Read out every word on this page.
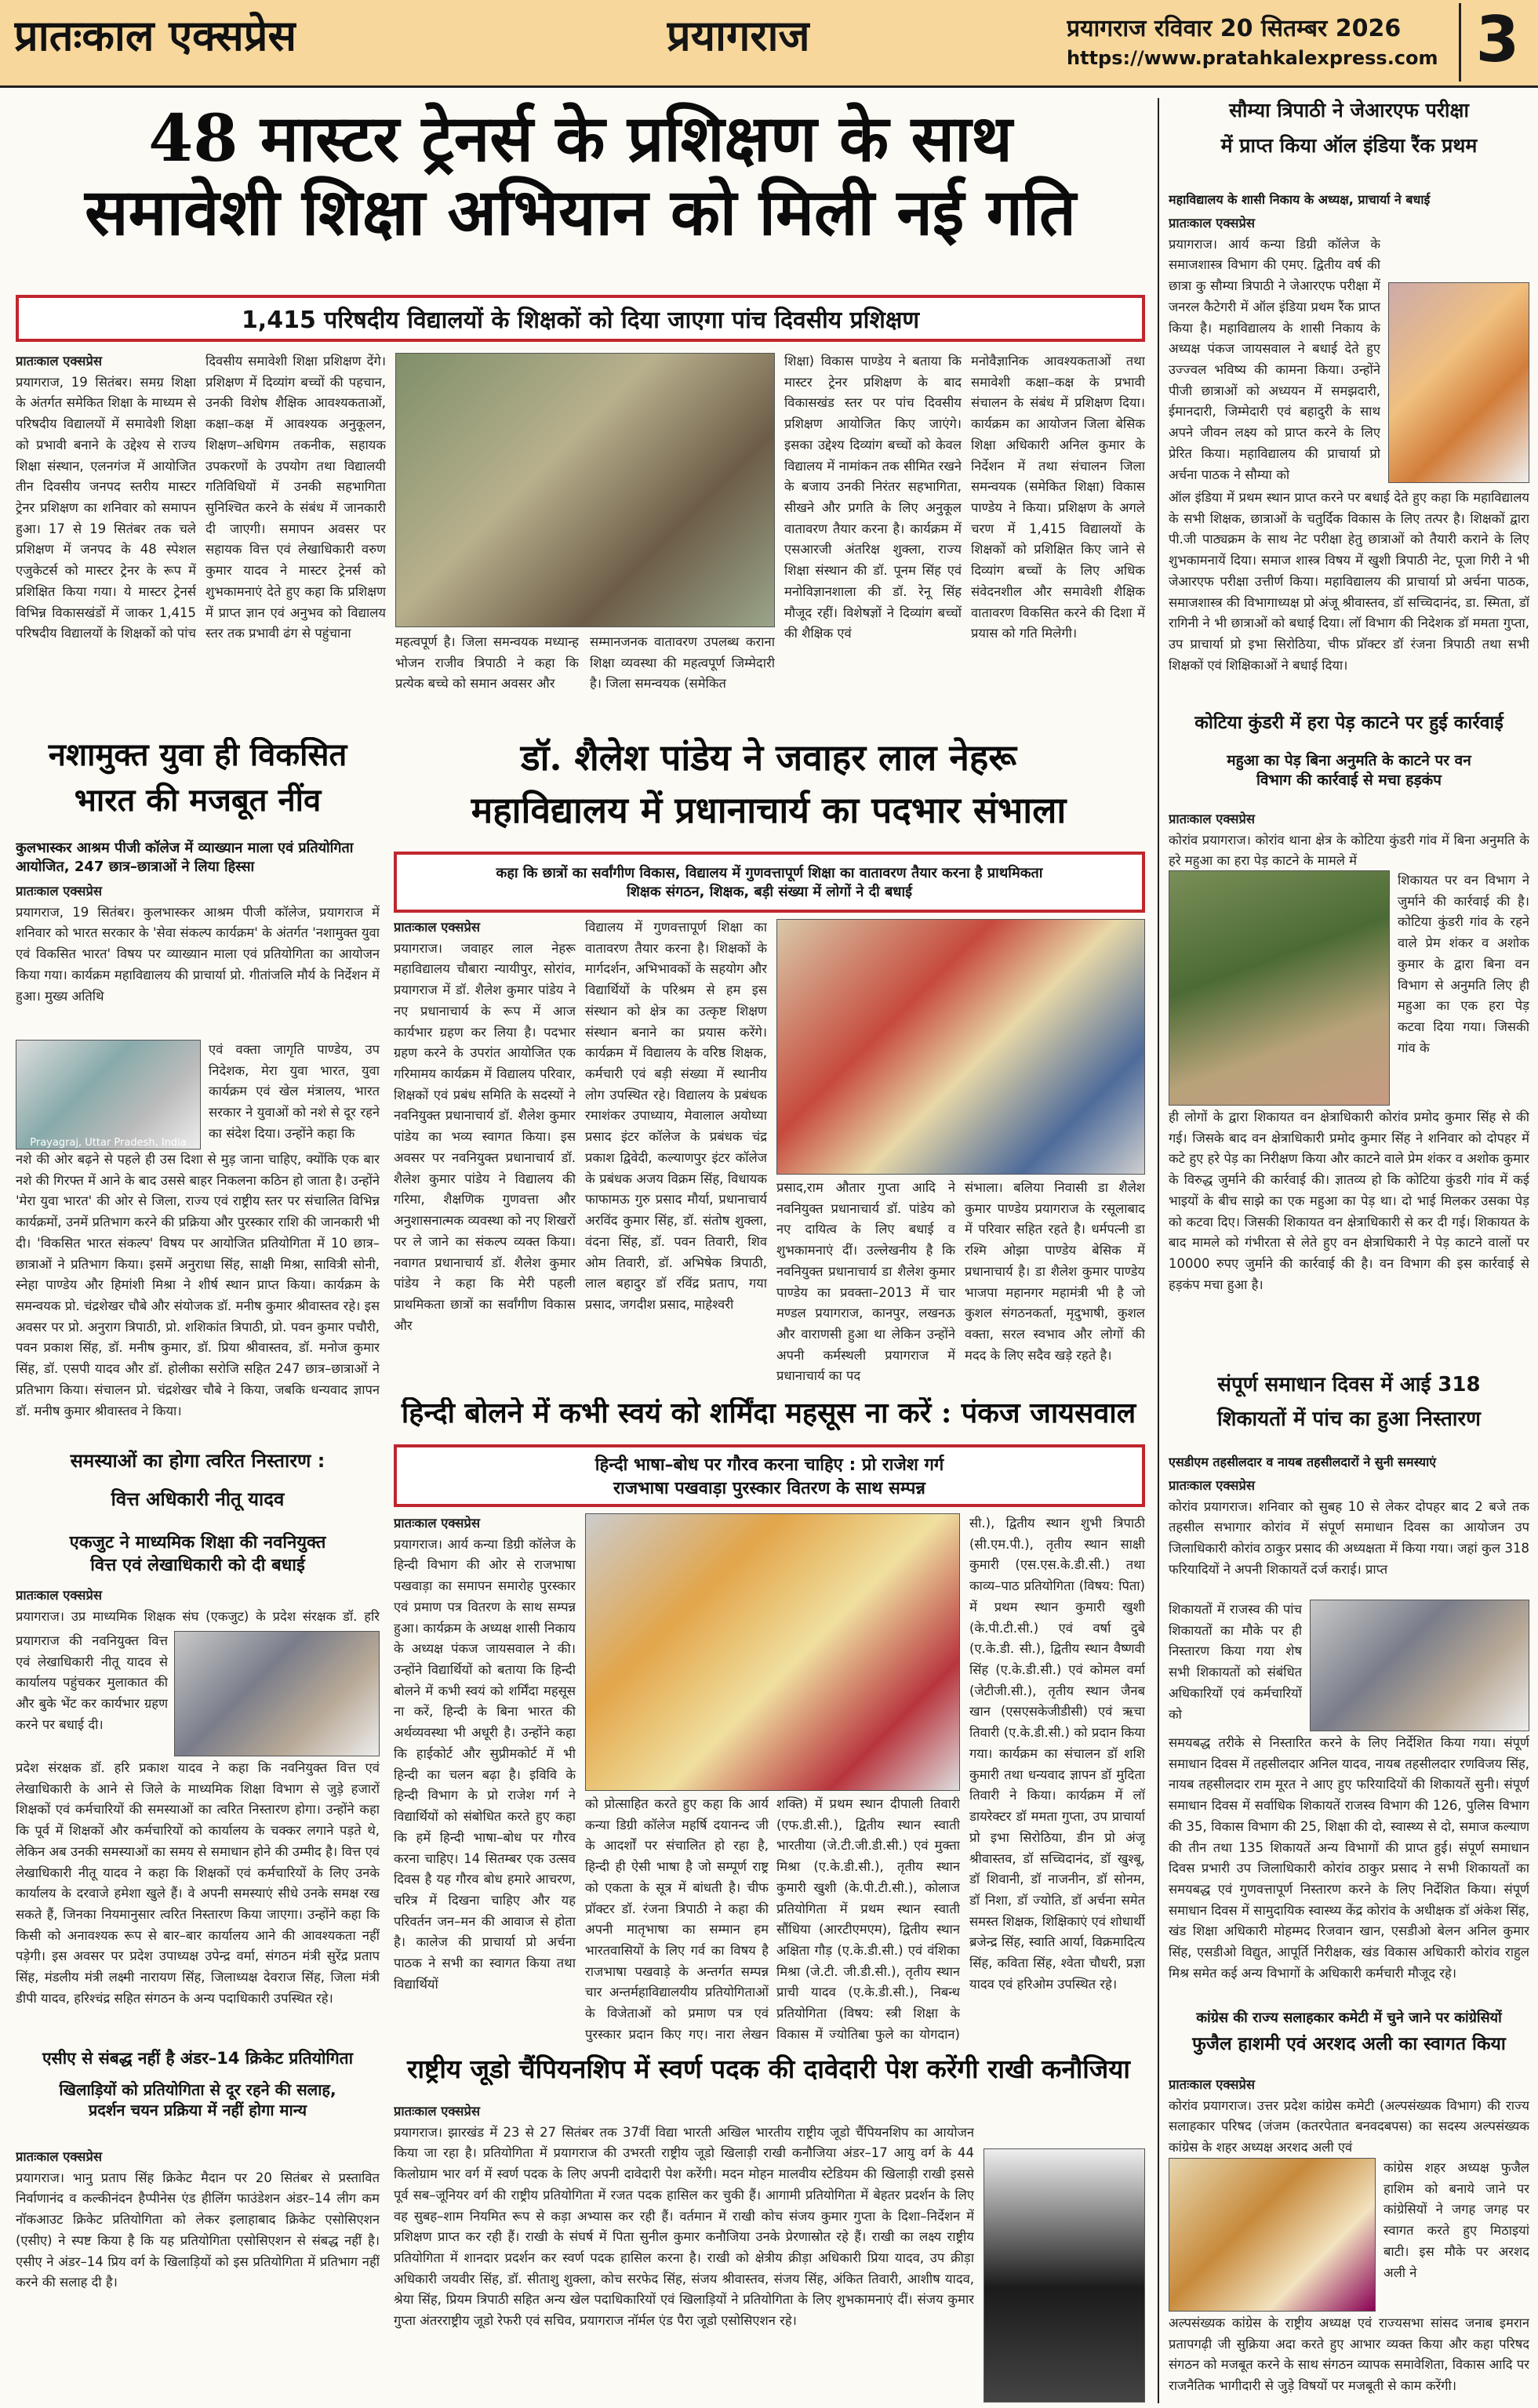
प्रातःकाल एक्सप्रेस	प्रयागराज	प्रयागराज रविवार 20 सितम्बर 2026
https://www.pratahkalexpress.com 3
48 मास्टर ट्रेनर्स के प्रशिक्षण के साथ
समावेशी शिक्षा अभियान को मिली नई गति
1,415 परिषदीय विद्यालयों के शिक्षकों को दिया जाएगा पांच दिवसीय प्रशिक्षण
प्रातःकाल एक्सप्रेस
प्रयागराज, 19 सितंबर। समग्र शिक्षा के अंतर्गत समेकित शिक्षा के माध्यम से परिषदीय विद्यालयों में समावेशी शिक्षा को प्रभावी बनाने के उद्देश्य से राज्य शिक्षा संस्थान, एलनगंज में आयोजित तीन दिवसीय जनपद स्तरीय मास्टर ट्रेनर प्रशिक्षण का शनिवार को समापन हुआ। 17 से 19 सितंबर तक चले प्रशिक्षण में जनपद के 48 स्पेशल एजुकेटर्स को मास्टर ट्रेनर के रूप में प्रशिक्षित किया गया। ये मास्टर ट्रेनर्स विभिन्न विकासखंडों में जाकर 1,415 परिषदीय विद्यालयों के शिक्षकों को पांच
दिवसीय समावेशी शिक्षा प्रशिक्षण देंगे। प्रशिक्षण में दिव्यांग बच्चों की पहचान, उनकी विशेष शैक्षिक आवश्यकताओं, कक्षा–कक्ष में आवश्यक अनुकूलन, शिक्षण–अधिगम तकनीक, सहायक उपकरणों के उपयोग तथा विद्यालयी गतिविधियों में उनकी सहभागिता सुनिश्चित करने के संबंध में जानकारी दी जाएगी। समापन अवसर पर सहायक वित्त एवं लेखाधिकारी वरुण कुमार यादव ने मास्टर ट्रेनर्स को शुभकामनाएं देते हुए कहा कि प्रशिक्षण में प्राप्त ज्ञान एवं अनुभव को विद्यालय स्तर तक प्रभावी ढंग से पहुंचाना
महत्वपूर्ण है। जिला समन्वयक मध्यान्ह भोजन राजीव त्रिपाठी ने कहा कि प्रत्येक बच्चे को समान अवसर और
सम्मानजनक वातावरण उपलब्ध कराना शिक्षा व्यवस्था की महत्वपूर्ण जिम्मेदारी है। जिला समन्वयक (समेकित
शिक्षा) विकास पाण्डेय ने बताया कि मास्टर ट्रेनर प्रशिक्षण के बाद विकासखंड स्तर पर पांच दिवसीय प्रशिक्षण आयोजित किए जाएंगे। इसका उद्देश्य दिव्यांग बच्चों को केवल विद्यालय में नामांकन तक सीमित रखने के बजाय उनकी निरंतर सहभागिता, सीखने और प्रगति के लिए अनुकूल वातावरण तैयार करना है। कार्यक्रम में एसआरजी अंतरिक्ष शुक्ला, राज्य शिक्षा संस्थान की डॉ. पूनम सिंह एवं मनोविज्ञानशाला की डॉ. रेनू सिंह मौजूद रहीं। विशेषज्ञों ने दिव्यांग बच्चों की शैक्षिक एवं
मनोवैज्ञानिक आवश्यकताओं तथा समावेशी कक्षा–कक्ष के प्रभावी संचालन के संबंध में प्रशिक्षण दिया। कार्यक्रम का आयोजन जिला बेसिक शिक्षा अधिकारी अनिल कुमार के निर्देशन में तथा संचालन जिला समन्वयक (समेकित शिक्षा) विकास पाण्डेय ने किया। प्रशिक्षण के अगले चरण में 1,415 विद्यालयों के शिक्षकों को प्रशिक्षित किए जाने से दिव्यांग बच्चों के लिए अधिक संवेदनशील और समावेशी शैक्षिक वातावरण विकसित करने की दिशा में प्रयास को गति मिलेगी।
नशामुक्त युवा ही विकसित
भारत की मजबूत नींव
कुलभास्कर आश्रम पीजी कॉलेज में व्याख्यान माला एवं प्रतियोगिता आयोजित, 247 छात्र–छात्राओं ने लिया हिस्सा
प्रातःकाल एक्सप्रेस
प्रयागराज, 19 सितंबर। कुलभास्कर आश्रम पीजी कॉलेज, प्रयागराज में शनिवार को भारत सरकार के 'सेवा संकल्प कार्यक्रम' के अंतर्गत 'नशामुक्त युवा एवं विकसित भारत' विषय पर व्याख्यान माला एवं प्रतियोगिता का आयोजन किया गया। कार्यक्रम महाविद्यालय की प्राचार्या प्रो. गीतांजलि मौर्य के निर्देशन में हुआ। मुख्य अतिथि
Prayagraj, Uttar Pradesh, India
एवं वक्ता जागृति पाण्डेय, उप निदेशक, मेरा युवा भारत, युवा कार्यक्रम एवं खेल मंत्रालय, भारत सरकार ने युवाओं को नशे से दूर रहने का संदेश दिया। उन्होंने कहा कि
नशे की ओर बढ़ने से पहले ही उस दिशा से मुड़ जाना चाहिए, क्योंकि एक बार नशे की गिरफ्त में आने के बाद उससे बाहर निकलना कठिन हो जाता है। उन्होंने 'मेरा युवा भारत' की ओर से जिला, राज्य एवं राष्ट्रीय स्तर पर संचालित विभिन्न कार्यक्रमों, उनमें प्रतिभाग करने की प्रक्रिया और पुरस्कार राशि की जानकारी भी दी। 'विकसित भारत संकल्प' विषय पर आयोजित प्रतियोगिता में 10 छात्र–छात्राओं ने प्रतिभाग किया। इसमें अनुराधा सिंह, साक्षी मिश्रा, सावित्री सोनी, स्नेहा पाण्डेय और हिमांशी मिश्रा ने शीर्ष स्थान प्राप्त किया। कार्यक्रम के समन्वयक प्रो. चंद्रशेखर चौबे और संयोजक डॉ. मनीष कुमार श्रीवास्तव रहे। इस अवसर पर प्रो. अनुराग त्रिपाठी, प्रो. शशिकांत त्रिपाठी, प्रो. पवन कुमार पचौरी, पवन प्रकाश सिंह, डॉ. मनीष कुमार, डॉ. प्रिया श्रीवास्तव, डॉ. मनोज कुमार सिंह, डॉ. एसपी यादव और डॉ. होलीका सरोजि सहित 247 छात्र–छात्राओं ने प्रतिभाग किया। संचालन प्रो. चंद्रशेखर चौबे ने किया, जबकि धन्यवाद ज्ञापन डॉ. मनीष कुमार श्रीवास्तव ने किया।
समस्याओं का होगा त्वरित निस्तारण :
वित्त अधिकारी नीतू यादव
एकजुट ने माध्यमिक शिक्षा की नवनियुक्त
वित्त एवं लेखाधिकारी को दी बधाई
प्रातःकाल एक्सप्रेस
प्रयागराज। उप्र माध्यमिक शिक्षक संघ (एकजुट) के प्रदेश संरक्षक डॉ. हरि
प्रयागराज की नवनियुक्त वित्त एवं लेखाधिकारी नीतू यादव से कार्यालय पहुंचकर मुलाकात की और बुके भेंट कर कार्यभार ग्रहण करने पर बधाई दी।
प्रदेश संरक्षक डॉ. हरि प्रकाश यादव ने कहा कि नवनियुक्त वित्त एवं लेखाधिकारी के आने से जिले के माध्यमिक शिक्षा विभाग से जुड़े हजारों शिक्षकों एवं कर्मचारियों की समस्याओं का त्वरित निस्तारण होगा। उन्होंने कहा कि पूर्व में शिक्षकों और कर्मचारियों को कार्यालय के चक्कर लगाने पड़ते थे, लेकिन अब उनकी समस्याओं का समय से समाधान होने की उम्मीद है। वित्त एवं लेखाधिकारी नीतू यादव ने कहा कि शिक्षकों एवं कर्मचारियों के लिए उनके कार्यालय के दरवाजे हमेशा खुले हैं। वे अपनी समस्याएं सीधे उनके समक्ष रख सकते हैं, जिनका नियमानुसार त्वरित निस्तारण किया जाएगा। उन्होंने कहा कि किसी को अनावश्यक रूप से बार–बार कार्यालय आने की आवश्यकता नहीं पड़ेगी। इस अवसर पर प्रदेश उपाध्यक्ष उपेन्द्र वर्मा, संगठन मंत्री सुरेंद्र प्रताप सिंह, मंडलीय मंत्री लक्ष्मी नारायण सिंह, जिलाध्यक्ष देवराज सिंह, जिला मंत्री डीपी यादव, हरिश्चंद्र सहित संगठन के अन्य पदाधिकारी उपस्थित रहे।
एसीए से संबद्ध नहीं है अंडर–14 क्रिकेट प्रतियोगिता
खिलाड़ियों को प्रतियोगिता से दूर रहने की सलाह,
प्रदर्शन चयन प्रक्रिया में नहीं होगा मान्य
प्रातःकाल एक्सप्रेस
प्रयागराज। भानु प्रताप सिंह क्रिकेट मैदान पर 20 सितंबर से प्रस्तावित निर्वाणानंद व कल्कीनंदन हैप्पीनेस एंड हीलिंग फाउंडेशन अंडर–14 लीग कम नॉकआउट क्रिकेट प्रतियोगिता को लेकर इलाहाबाद क्रिकेट एसोसिएशन (एसीए) ने स्पष्ट किया है कि यह प्रतियोगिता एसोसिएशन से संबद्ध नहीं है। एसीए ने अंडर–14 प्रिय वर्ग के खिलाड़ियों को इस प्रतियोगिता में प्रतिभाग नहीं करने की सलाह दी है।
डॉ. शैलेश पांडेय ने जवाहर लाल नेहरू
महाविद्यालय में प्रधानाचार्य का पदभार संभाला
कहा कि छात्रों का सर्वांगीण विकास, विद्यालय में गुणवत्तापूर्ण शिक्षा का वातावरण तैयार करना है प्राथमिकता
शिक्षक संगठन, शिक्षक, बड़ी संख्या में लोगों ने दी बधाई
प्रातःकाल एक्सप्रेस
प्रयागराज। जवाहर लाल नेहरू महाविद्यालय चौबारा न्यायीपुर, सोरांव, प्रयागराज में डॉ. शैलेश कुमार पांडेय ने नए प्रधानाचार्य के रूप में आज कार्यभार ग्रहण कर लिया है। पदभार ग्रहण करने के उपरांत आयोजित एक गरिमामय कार्यक्रम में विद्यालय परिवार, शिक्षकों एवं प्रबंध समिति के सदस्यों ने नवनियुक्त प्रधानाचार्य डॉ. शैलेश कुमार पांडेय का भव्य स्वागत किया। इस अवसर पर नवनियुक्त प्रधानाचार्य डॉ. शैलेश कुमार पांडेय ने विद्यालय की गरिमा, शैक्षणिक गुणवत्ता और अनुशासनात्मक व्यवस्था को नए शिखरों पर ले जाने का संकल्प व्यक्त किया। नवागत प्रधानाचार्य डॉ. शैलेश कुमार पांडेय ने कहा कि मेरी पहली प्राथमिकता छात्रों का सर्वांगीण विकास और
विद्यालय में गुणवत्तापूर्ण शिक्षा का वातावरण तैयार करना है। शिक्षकों के मार्गदर्शन, अभिभावकों के सहयोग और विद्यार्थियों के परिश्रम से हम इस संस्थान को क्षेत्र का उत्कृष्ट शिक्षण संस्थान बनाने का प्रयास करेंगे। कार्यक्रम में विद्यालय के वरिष्ठ शिक्षक, कर्मचारी एवं बड़ी संख्या में स्थानीय लोग उपस्थित रहे। विद्यालय के प्रबंधक रमाशंकर उपाध्याय, मेवालाल अयोध्या प्रसाद इंटर कॉलेज के प्रबंधक चंद्र प्रकाश द्विवेदी, कल्याणपुर इंटर कॉलेज के प्रबंधक अजय विक्रम सिंह, विधायक फाफामऊ गुरु प्रसाद मौर्या, प्रधानाचार्य अरविंद कुमार सिंह, डॉ. संतोष शुक्ला, वंदना सिंह, डॉ. पवन तिवारी, शिव ओम तिवारी, डॉ. अभिषेक त्रिपाठी, लाल बहादुर डॉ रविंद्र प्रताप, गया प्रसाद, जगदीश प्रसाद, माहेश्वरी
प्रसाद,राम औतार गुप्ता आदि ने नवनियुक्त प्रधानाचार्य डॉ. पांडेय को नए दायित्व के लिए बधाई व शुभकामनाएं दीं। उल्लेखनीय है कि नवनियुक्त प्रधानाचार्य डा शैलेश कुमार पाण्डेय का प्रवक्ता–2013 में चार मण्डल प्रयागराज, कानपुर, लखनऊ और वाराणसी हुआ था लेकिन उन्होंने अपनी कर्मस्थली प्रयागराज में प्रधानाचार्य का पद
संभाला। बलिया निवासी डा शैलेश कुमार पाण्डेय प्रयागराज के रसूलाबाद में परिवार सहित रहते है। धर्मपत्नी डा रश्मि ओझा पाण्डेय बेसिक में प्रधानाचार्य है। डा शैलेश कुमार पाण्डेय भाजपा महानगर महामंत्री भी है जो कुशल संगठनकर्ता, मृदुभाषी, कुशल वक्ता, सरल स्वभाव और लोगों की मदद के लिए सदैव खड़े रहते है।
हिन्दी बोलने में कभी स्वयं को शर्मिंदा महसूस ना करें : पंकज जायसवाल
हिन्दी भाषा–बोध पर गौरव करना चाहिए : प्रो राजेश गर्ग
राजभाषा पखवाड़ा पुरस्कार वितरण के साथ सम्पन्न
प्रातःकाल एक्सप्रेस
प्रयागराज। आर्य कन्या डिग्री कॉलेज के हिन्दी विभाग की ओर से राजभाषा पखवाड़ा का समापन समारोह पुरस्कार एवं प्रमाण पत्र वितरण के साथ सम्पन्न हुआ। कार्यक्रम के अध्यक्ष शासी निकाय के अध्यक्ष पंकज जायसवाल ने की। उन्होंने विद्यार्थियों को बताया कि हिन्दी बोलने में कभी स्वयं को शर्मिंदा महसूस ना करें, हिन्दी के बिना भारत की अर्थव्यवस्था भी अधूरी है। उन्होंने कहा कि हाईकोर्ट और सुप्रीमकोर्ट में भी हिन्दी का चलन बढ़ा है। इविवि के हिन्दी विभाग के प्रो राजेश गर्ग ने विद्यार्थियों को संबोधित करते हुए कहा कि हमें हिन्दी भाषा–बोध पर गौरव करना चाहिए। 14 सितम्बर एक उत्सव दिवस है यह गौरव बोध हमारे आचरण, चरित्र में दिखना चाहिए और यह परिवर्तन जन–मन की आवाज से होता है। कालेज की प्राचार्या प्रो अर्चना पाठक ने सभी का स्वागत किया तथा विद्यार्थियों
को प्रोत्साहित करते हुए कहा कि आर्य कन्या डिग्री कॉलेज महर्षि दयानन्द जी के आदर्शों पर संचालित हो रहा है, हिन्दी ही ऐसी भाषा है जो सम्पूर्ण राष्ट्र को एकता के सूत्र में बांधती है। चीफ प्रॉक्टर डॉ. रंजना त्रिपाठी ने कहा की अपनी मातृभाषा का सम्मान हम भारतवासियों के लिए गर्व का विषय है राजभाषा पखवाड़े के अन्तर्गत सम्पन्न चार अन्तर्महाविद्यालयीय प्रतियोगिताओं के विजेताओं को प्रमाण पत्र एवं पुरस्कार प्रदान किए गए। नारा लेखन
शक्ति) में प्रथम स्थान दीपाली तिवारी (एफ.डी.सी.), द्वितीय स्थान स्वाती भारतीया (जे.टी.जी.डी.सी.) एवं मुक्ता मिश्रा (ए.के.डी.सी.), तृतीय स्थान कुमारी खुशी (के.पी.टी.सी.), कोलाज प्रतियोगिता में प्रथम स्थान स्वाती सौंधिया (आरटीएमएम), द्वितीय स्थान अक्षिता गौड़ (ए.के.डी.सी.) एवं वंशिका मिश्रा (जे.टी. जी.डी.सी.), तृतीय स्थान प्राची यादव (ए.के.डी.सी.), निबन्ध प्रतियोगिता (विषय: स्त्री शिक्षा के विकास में ज्योतिबा फुले का योगदान)
सी.), द्वितीय स्थान शुभी त्रिपाठी (सी.एम.पी.), तृतीय स्थान साक्षी कुमारी (एस.एस.के.डी.सी.) तथा काव्य–पाठ प्रतियोगिता (विषय: पिता) में प्रथम स्थान कुमारी खुशी (के.पी.टी.सी.) एवं वर्षा दुबे (ए.के.डी. सी.), द्वितीय स्थान वैष्णवी सिंह (ए.के.डी.सी.) एवं कोमल वर्मा (जेटीजी.सी.), तृतीय स्थान जैनब खान (एसएसकेजीडीसी) एवं ऋचा तिवारी (ए.के.डी.सी.) को प्रदान किया गया। कार्यक्रम का संचालन डॉ शशि कुमारी तथा धन्यवाद ज्ञापन डॉ मुदिता तिवारी ने किया। कार्यक्रम में लॉ डायरेक्टर डॉ ममता गुप्ता, उप प्राचार्या प्रो इभा सिरोठिया, डीन प्रो अंजू श्रीवास्तव, डॉ सच्चिदानंद, डॉ खुश्बू, डॉ शिवानी, डॉ नाजनीन, डॉ सोनम, डॉ निशा, डॉ ज्योति, डॉ अर्चना समेत समस्त शिक्षक, शिक्षिकाएं एवं शोधार्थी ब्रजेन्द्र सिंह, स्वाति आर्या, विक्रमादित्य सिंह, कविता सिंह, श्वेता चौधरी, प्रज्ञा यादव एवं हरिओम उपस्थित रहे।
राष्ट्रीय जूडो चैंपियनशिप में स्वर्ण पदक की दावेदारी पेश करेंगी राखी कनौजिया
प्रातःकाल एक्सप्रेस
प्रयागराज। झारखंड में 23 से 27 सितंबर तक 37वीं विद्या भारती अखिल भारतीय राष्ट्रीय जूडो चैंपियनशिप का आयोजन किया जा रहा है। प्रतियोगिता में प्रयागराज की उभरती राष्ट्रीय जूडो खिलाड़ी राखी कनौजिया अंडर–17 आयु वर्ग के 44 किलोग्राम भार वर्ग में स्वर्ण पदक के लिए अपनी दावेदारी पेश करेंगी। मदन मोहन मालवीय स्टेडियम की खिलाड़ी राखी इससे पूर्व सब–जूनियर वर्ग की राष्ट्रीय प्रतियोगिता में रजत पदक हासिल कर चुकी हैं। आगामी प्रतियोगिता में बेहतर प्रदर्शन के लिए वह सुबह–शाम नियमित रूप से कड़ा अभ्यास कर रही हैं। वर्तमान में राखी कोच संजय कुमार गुप्ता के दिशा–निर्देशन में प्रशिक्षण प्राप्त कर रही हैं। राखी के संघर्ष में पिता सुनील कुमार कनौजिया उनके प्रेरणास्रोत रहे हैं। राखी का लक्ष्य राष्ट्रीय प्रतियोगिता में शानदार प्रदर्शन कर स्वर्ण पदक हासिल करना है। राखी को क्षेत्रीय क्रीड़ा अधिकारी प्रिया यादव, उप क्रीड़ा अधिकारी जयवीर सिंह, डॉ. सीताशु शुक्ला, कोच सरफेद सिंह, संजय श्रीवास्तव, संजय सिंह, अंकित तिवारी, आशीष यादव, श्रेया सिंह, प्रियम त्रिपाठी सहित अन्य खेल पदाधिकारियों एवं खिलाड़ियों ने प्रतियोगिता के लिए शुभकामनाएं दीं। संजय कुमार गुप्ता अंतरराष्ट्रीय जूडो रेफरी एवं सचिव, प्रयागराज नॉर्मल एंड पैरा जूडो एसोसिएशन रहे।
सौम्या त्रिपाठी ने जेआरएफ परीक्षा
में प्राप्त किया ऑल इंडिया रैंक प्रथम
महाविद्यालय के शासी निकाय के अध्यक्ष, प्राचार्या ने बधाई
प्रातःकाल एक्सप्रेस
प्रयागराज। आर्य कन्या डिग्री कॉलेज के समाजशास्त्र विभाग की एमए. द्वितीय वर्ष की छात्रा कु सौम्या त्रिपाठी ने जेआरएफ परीक्षा में जनरल कैटेगरी में ऑल इंडिया प्रथम रैंक प्राप्त किया है। महाविद्यालय के शासी निकाय के अध्यक्ष पंकज जायसवाल ने बधाई देते हुए उज्ज्वल भविष्य की कामना किया। उन्होंने पीजी छात्राओं को अध्ययन में समझदारी, ईमानदारी, जिम्मेदारी एवं बहादुरी के साथ अपने जीवन लक्ष्य को प्राप्त करने के लिए प्रेरित किया। महाविद्यालय की प्राचार्या प्रो अर्चना पाठक ने सौम्या को
ऑल इंडिया में प्रथम स्थान प्राप्त करने पर बधाई देते हुए कहा कि महाविद्यालय के सभी शिक्षक, छात्राओं के चतुर्दिक विकास के लिए तत्पर है। शिक्षकों द्वारा पी.जी पाठ्यक्रम के साथ नेट परीक्षा हेतु छात्राओं को तैयारी कराने के लिए शुभकामनायें दिया। समाज शास्त्र विषय में खुशी त्रिपाठी नेट, पूजा गिरी ने भी जेआरएफ परीक्षा उत्तीर्ण किया। महाविद्यालय की प्राचार्या प्रो अर्चना पाठक, समाजशास्त्र की विभागाध्यक्ष प्रो अंजू श्रीवास्तव, डॉ सच्चिदानंद, डा. स्मिता, डॉ रागिनी ने भी छात्राओं को बधाई दिया। लॉ विभाग की निदेशक डॉ ममता गुप्ता, उप प्राचार्या प्रो इभा सिरोठिया, चीफ प्रॉक्टर डॉ रंजना त्रिपाठी तथा सभी शिक्षकों एवं शिक्षिकाओं ने बधाई दिया।
कोटिया कुंडरी में हरा पेड़ काटने पर हुई कार्रवाई
महुआ का पेड़ बिना अनुमति के काटने पर वन
विभाग की कार्रवाई से मचा हड़कंप
प्रातःकाल एक्सप्रेस
कोरांव प्रयागराज। कोरांव थाना क्षेत्र के कोटिया कुंडरी गांव में बिना अनुमति के हरे महुआ का हरा पेड़ काटने के मामले में
शिकायत पर वन विभाग ने जुर्माने की कार्रवाई की है। कोटिया कुंडरी गांव के रहने वाले प्रेम शंकर व अशोक कुमार के द्वारा बिना वन विभाग से अनुमति लिए ही महुआ का एक हरा पेड़ कटवा दिया गया। जिसकी गांव के
ही लोगों के द्वारा शिकायत वन क्षेत्राधिकारी कोरांव प्रमोद कुमार सिंह से की गई। जिसके बाद वन क्षेत्राधिकारी प्रमोद कुमार सिंह ने शनिवार को दोपहर में कटे हुए हरे पेड़ का निरीक्षण किया और काटने वाले प्रेम शंकर व अशोक कुमार के विरुद्ध जुर्माने की कार्रवाई की। ज्ञातव्य हो कि कोटिया कुंडरी गांव में कई भाइयों के बीच साझे का एक महुआ का पेड़ था। दो भाई मिलकर उसका पेड़ को कटवा दिए। जिसकी शिकायत वन क्षेत्राधिकारी से कर दी गई। शिकायत के बाद मामले को गंभीरता से लेते हुए वन क्षेत्राधिकारी ने पेड़ काटने वालों पर 10000 रुपए जुर्माने की कार्रवाई की है। वन विभाग की इस कार्रवाई से हड़कंप मचा हुआ है।
संपूर्ण समाधान दिवस में आई 318
शिकायतों में पांच का हुआ निस्तारण
एसडीएम तहसीलदार व नायब तहसीलदारों ने सुनी समस्याएं
प्रातःकाल एक्सप्रेस
कोरांव प्रयागराज। शनिवार को सुबह 10 से लेकर दोपहर बाद 2 बजे तक तहसील सभागार कोरांव में संपूर्ण समाधान दिवस का आयोजन उप जिलाधिकारी कोरांव ठाकुर प्रसाद की अध्यक्षता में किया गया। जहां कुल 318 फरियादियों ने अपनी शिकायतें दर्ज कराई। प्राप्त
शिकायतों में राजस्व की पांच शिकायतों का मौके पर ही निस्तारण किया गया शेष सभी शिकायतों को संबंधित अधिकारियों एवं कर्मचारियों को
समयबद्ध तरीके से निस्तारित करने के लिए निर्देशित किया गया। संपूर्ण समाधान दिवस में तहसीलदार अनिल यादव, नायब तहसीलदार रणविजय सिंह, नायब तहसीलदार राम मूरत ने आए हुए फरियादियों की शिकायतें सुनी। संपूर्ण समाधान दिवस में सर्वाधिक शिकायतें राजस्व विभाग की 126, पुलिस विभाग की 35, विकास विभाग की 25, शिक्षा की दो, स्वास्थ्य से दो, समाज कल्याण की तीन तथा 135 शिकायतें अन्य विभागों की प्राप्त हुई। संपूर्ण समाधान दिवस प्रभारी उप जिलाधिकारी कोरांव ठाकुर प्रसाद ने सभी शिकायतों का समयबद्ध एवं गुणवत्तापूर्ण निस्तारण करने के लिए निर्देशित किया। संपूर्ण समाधान दिवस में सामुदायिक स्वास्थ्य केंद्र कोरांव के अधीक्षक डॉ अंकेश सिंह, खंड शिक्षा अधिकारी मोहम्मद रिजवान खान, एसडीओ बेलन अनिल कुमार सिंह, एसडीओ विद्युत, आपूर्ति निरीक्षक, खंड विकास अधिकारी कोरांव राहुल मिश्र समेत कई अन्य विभागों के अधिकारी कर्मचारी मौजूद रहे।
कांग्रेस की राज्य सलाहकार कमेटी में चुने जाने पर कांग्रेसियों
फुजैल हाशमी एवं अरशद अली का स्वागत किया
प्रातःकाल एक्सप्रेस
कोरांव प्रयागराज। उत्तर प्रदेश कांग्रेस कमेटी (अल्पसंख्यक विभाग) की राज्य सलाहकार परिषद (जंजम (कतरपेतात बनवदबपस) का सदस्य अल्पसंख्यक कांग्रेस के शहर अध्यक्ष अरशद अली एवं
कांग्रेस शहर अध्यक्ष फुजैल हाशिम को बनाये जाने पर कांग्रेसियों ने जगह जगह पर स्वागत करते हुए मिठाइयां बाटी। इस मौके पर अरशद अली ने
अल्पसंख्यक कांग्रेस के राष्ट्रीय अध्यक्ष एवं राज्यसभा सांसद जनाब इमरान प्रतापगढ़ी जी सुक्रिया अदा करते हुए आभार व्यक्त किया और कहा परिषद संगठन को मजबूत करने के साथ संगठन व्यापक समावेशिता, विकास आदि पर राजनैतिक भागीदारी से जुड़े विषयों पर मजबूती से काम करेंगी।
